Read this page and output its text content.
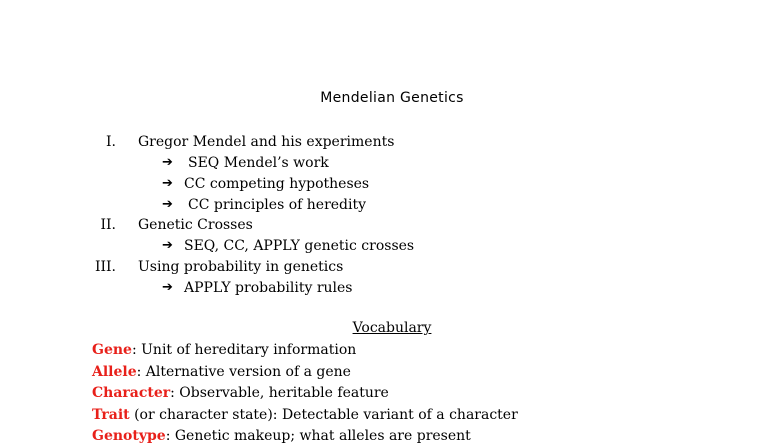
Mendelian Genetics
I. Gregor Mendel and his experiments
➔ SEQ Mendel’s work
➔ CC competing hypotheses
➔ CC principles of heredity
II. Genetic Crosses
➔ SEQ, CC, APPLY genetic crosses
III. Using probability in genetics
➔ APPLY probability rules
Vocabulary
Gene: Unit of hereditary information
Allele: Alternative version of a gene
Character: Observable, heritable feature
Trait (or character state): Detectable variant of a character
Genotype: Genetic makeup; what alleles are present
